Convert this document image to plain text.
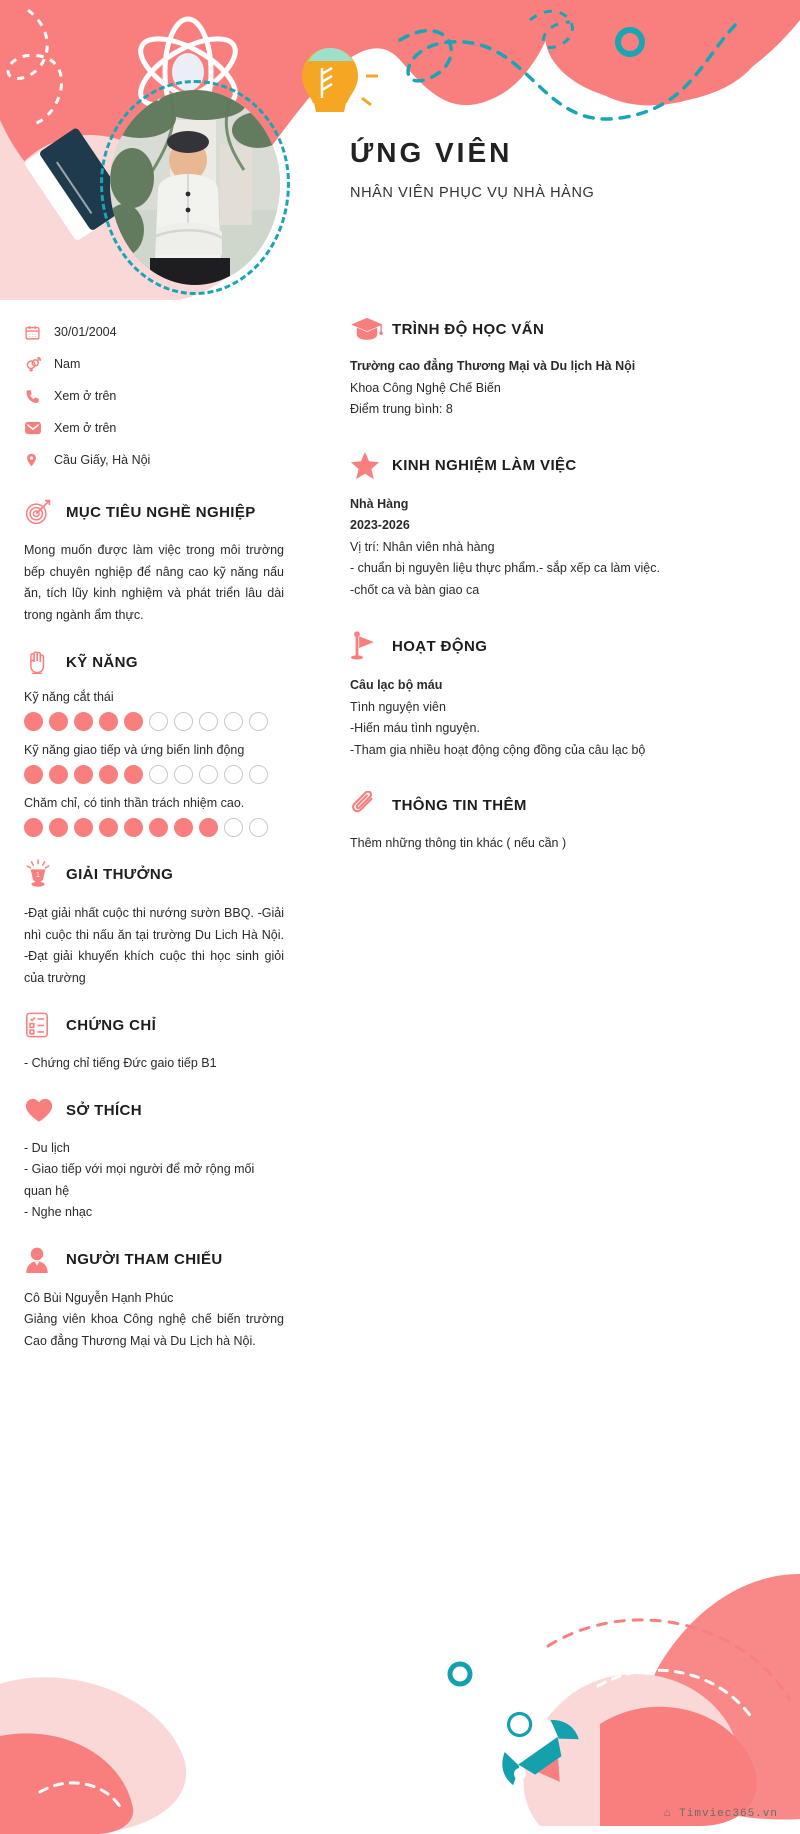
ỨNG VIÊN

NHÂN VIÊN PHỤC VỤ NHÀ HÀNG

30/01/2004
Nam
Xem ở trên
Xem ở trên
Cầu Giấy, Hà Nội
MỤC TIÊU NGHỀ NGHIỆP

Mong muốn được làm việc trong môi trường bếp chuyên nghiệp để nâng cao kỹ năng nấu ăn, tích lũy kinh nghiệm và phát triển lâu dài trong ngành ẩm thực.

KỸ NĂNG
Kỹ năng cắt thái
Kỹ năng giao tiếp và ứng biến linh động
Chăm chỉ, có tinh thần trách nhiệm cao.
1 GIẢI THƯỞNG

-Đạt giải nhất cuộc thi nướng sườn BBQ. -Giải nhì cuộc thi nấu ăn tại trường Du Lich Hà Nội. -Đạt giải khuyến khích cuộc thi học sinh giỏi của trường

CHỨNG CHỈ

- Chứng chỉ tiếng Đức gaio tiếp B1

SỞ THÍCH
- Du lịch
- Giao tiếp với mọi người để mở rộng mối quan hệ
- Nghe nhạc
NGƯỜI THAM CHIẾU
Cô Bùi Nguyễn Hạnh Phúc

Giảng viên khoa Công nghệ chế biến trường Cao đẳng Thương Mại và Du Lịch hà Nội.

TRÌNH ĐỘ HỌC VẤN
Trường cao đẳng Thương Mại và Du lịch Hà Nội
Khoa Công Nghệ Chế Biến
Điểm trung bình: 8
KINH NGHIỆM LÀM VIỆC
Nhà Hàng
2023-2026
Vị trí: Nhân viên nhà hàng
- chuẩn bị nguyên liệu thực phẩm.- sắp xếp ca làm việc.
-chốt ca và bàn giao ca
HOẠT ĐỘNG
Câu lạc bộ máu
Tình nguyện viên
-Hiến máu tình nguyện.
-Tham gia nhiều hoạt động cộng đồng của câu lạc bộ
THÔNG TIN THÊM
Thêm những thông tin khác ( nếu cần )
⌂ Timviec365.vn
